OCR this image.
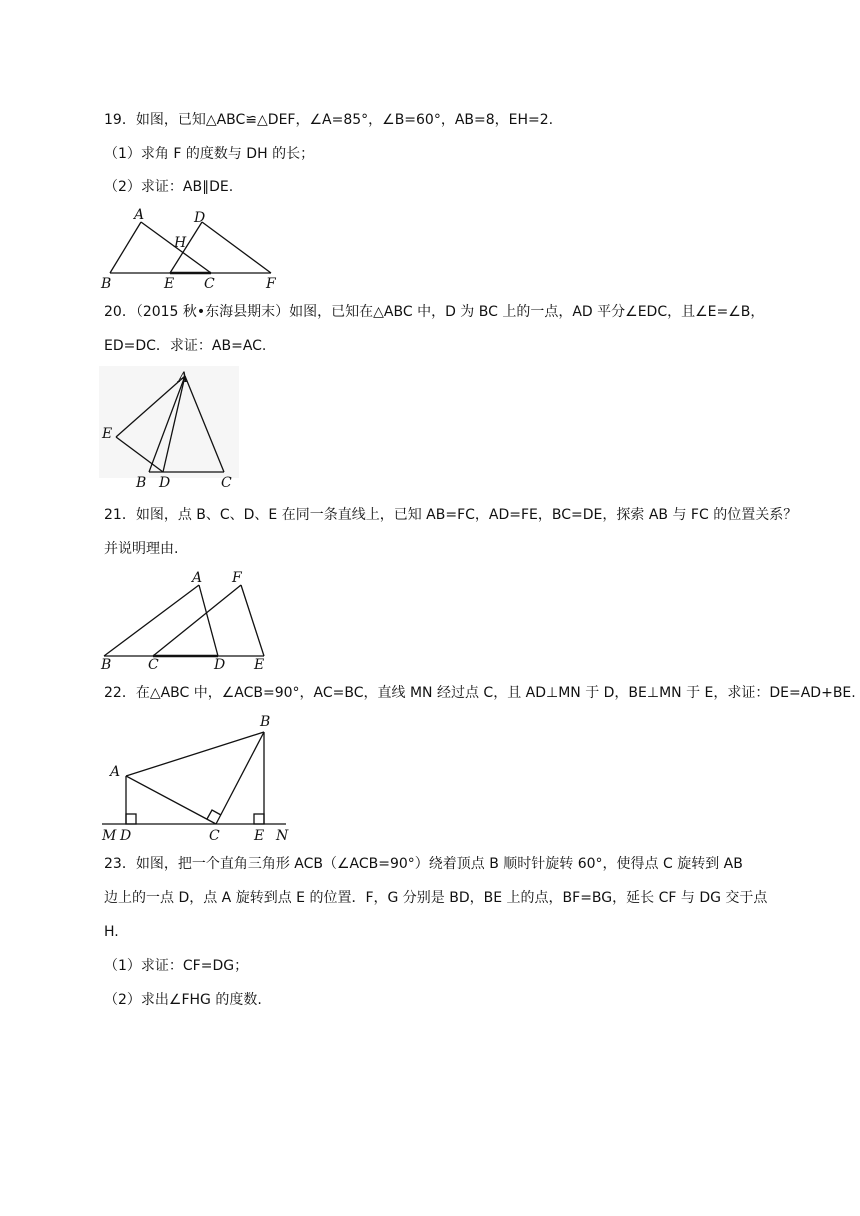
19．如图，已知△ABC≌△DEF，∠A=85°，∠B=60°，AB=8，EH=2.
（1）求角 F 的度数与 DH 的长；
（2）求证：AB∥DE.
A	D
H
B	E C	F
20．（2015 秋•东海县期末）如图，已知在△ABC 中，D 为 BC 上的一点，AD 平分∠EDC，且∠E=∠B，
ED=DC．求证：AB=AC.
A
E
B D	C
21．如图，点 B、C、D、E 在同一条直线上，已知 AB=FC，AD=FE，BC=DE，探索 AB 与 FC 的位置关系？
并说明理由.
A F
B	C	D E
22．在△ABC 中，∠ACB=90°，AC=BC，直线 MN 经过点 C，且 AD⊥MN 于 D，BE⊥MN 于 E，求证：DE=AD+BE.
B
A
M D	C E N
23．如图，把一个直角三角形 ACB（∠ACB=90°）绕着顶点 B 顺时针旋转 60°，使得点 C 旋转到 AB
边上的一点 D，点 A 旋转到点 E 的位置．F，G 分别是 BD，BE 上的点，BF=BG，延长 CF 与 DG 交于点
H.
（1）求证：CF=DG；
（2）求出∠FHG 的度数.
